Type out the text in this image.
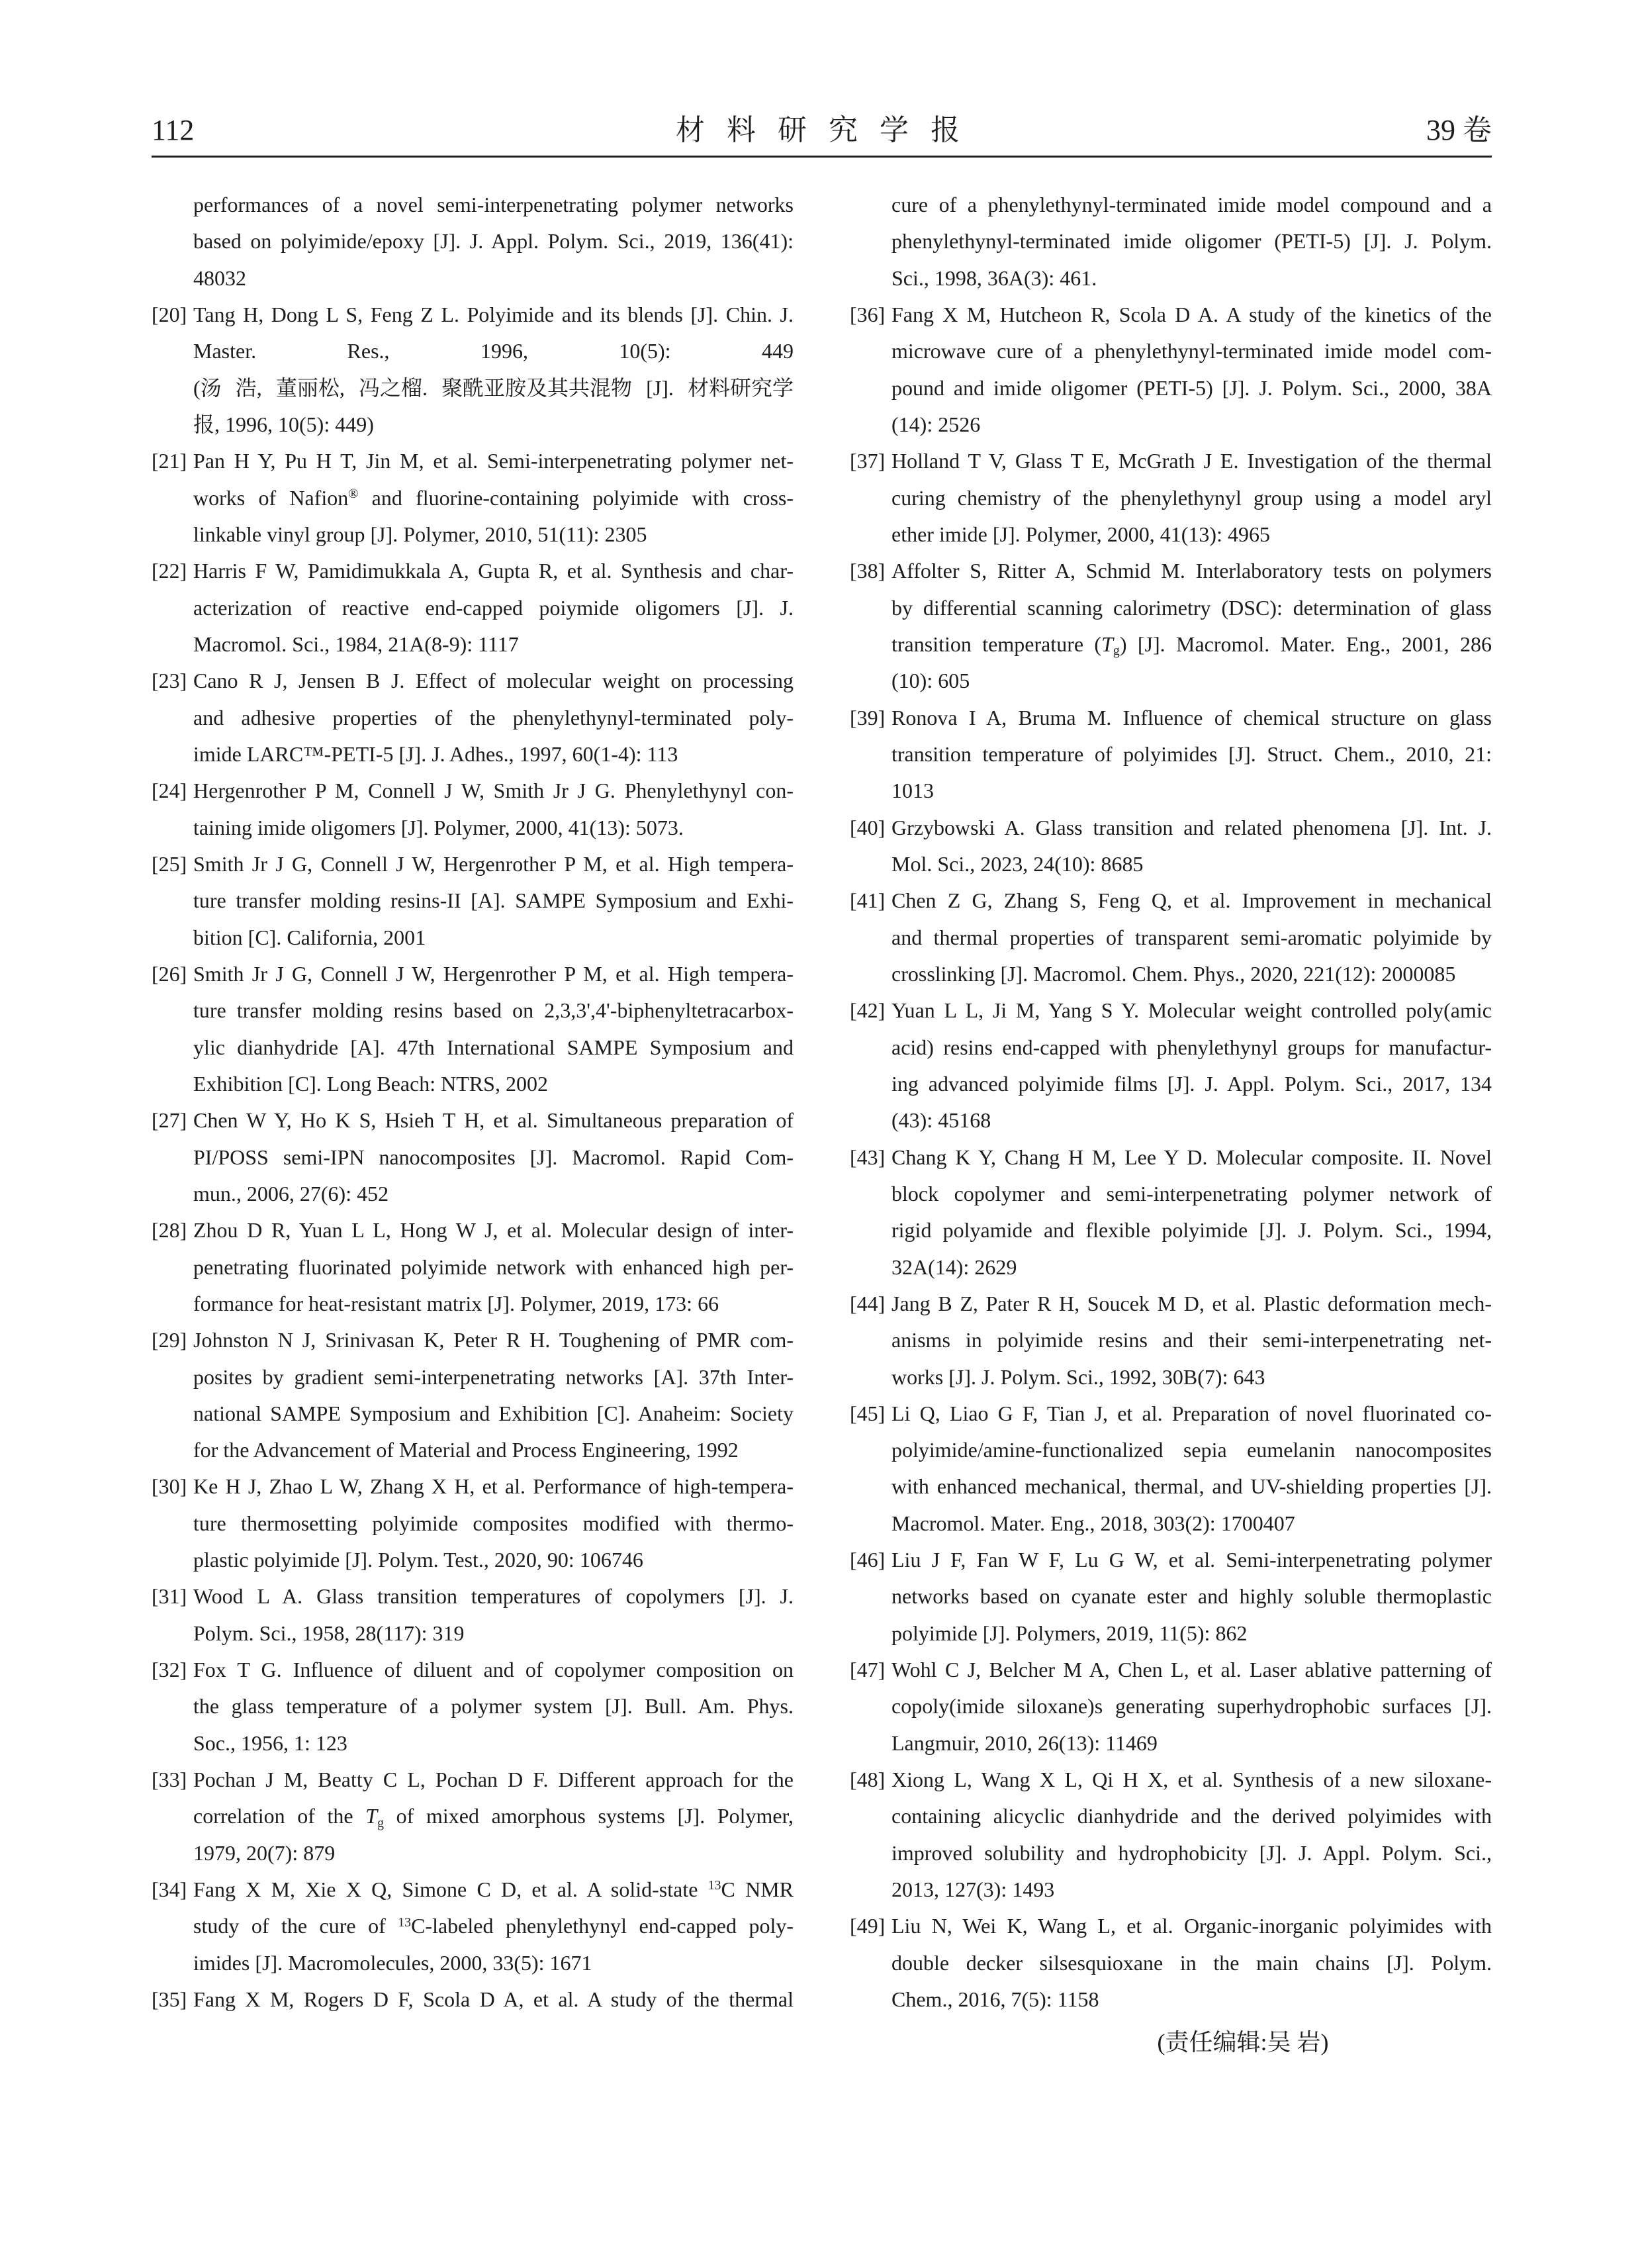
112	材 料 研 究 学 报	39 卷
performances of a novel semi-interpenetrating polymer networks
based on polyimide/epoxy [J]. J. Appl. Polym. Sci., 2019, 136(41):
48032
[20] Tang H, Dong L S, Feng Z L. Polyimide and its blends [J]. Chin. J.
Master. Res., 1996, 10(5): 449
(汤 浩, 董丽松, 冯之榴. 聚酰亚胺及其共混物 [J]. 材料研究学
报, 1996, 10(5): 449)
[21] Pan H Y, Pu H T, Jin M, et al. Semi-interpenetrating polymer net-
works of Nafion® and fluorine-containing polyimide with cross-
linkable vinyl group [J]. Polymer, 2010, 51(11): 2305
[22] Harris F W, Pamidimukkala A, Gupta R, et al. Synthesis and char-
acterization of reactive end-capped poiymide oligomers [J]. J.
Macromol. Sci., 1984, 21A(8-9): 1117
[23] Cano R J, Jensen B J. Effect of molecular weight on processing
and adhesive properties of the phenylethynyl-terminated poly-
imide LARC™-PETI-5 [J]. J. Adhes., 1997, 60(1-4): 113
[24] Hergenrother P M, Connell J W, Smith Jr J G. Phenylethynyl con-
taining imide oligomers [J]. Polymer, 2000, 41(13): 5073.
[25] Smith Jr J G, Connell J W, Hergenrother P M, et al. High tempera-
ture transfer molding resins-II [A]. SAMPE Symposium and Exhi-
bition [C]. California, 2001
[26] Smith Jr J G, Connell J W, Hergenrother P M, et al. High tempera-
ture transfer molding resins based on 2,3,3',4'-biphenyltetracarbox-
ylic dianhydride [A]. 47th International SAMPE Symposium and
Exhibition [C]. Long Beach: NTRS, 2002
[27] Chen W Y, Ho K S, Hsieh T H, et al. Simultaneous preparation of
PI/POSS semi-IPN nanocomposites [J]. Macromol. Rapid Com-
mun., 2006, 27(6): 452
[28] Zhou D R, Yuan L L, Hong W J, et al. Molecular design of inter-
penetrating fluorinated polyimide network with enhanced high per-
formance for heat-resistant matrix [J]. Polymer, 2019, 173: 66
[29] Johnston N J, Srinivasan K, Peter R H. Toughening of PMR com-
posites by gradient semi-interpenetrating networks [A]. 37th Inter-
national SAMPE Symposium and Exhibition [C]. Anaheim: Society
for the Advancement of Material and Process Engineering, 1992
[30] Ke H J, Zhao L W, Zhang X H, et al. Performance of high-tempera-
ture thermosetting polyimide composites modified with thermo-
plastic polyimide [J]. Polym. Test., 2020, 90: 106746
[31] Wood L A. Glass transition temperatures of copolymers [J]. J.
Polym. Sci., 1958, 28(117): 319
[32] Fox T G. Influence of diluent and of copolymer composition on
the glass temperature of a polymer system [J]. Bull. Am. Phys.
Soc., 1956, 1: 123
[33] Pochan J M, Beatty C L, Pochan D F. Different approach for the
correlation of the Tg of mixed amorphous systems [J]. Polymer,
1979, 20(7): 879
[34] Fang X M, Xie X Q, Simone C D, et al. A solid-state $^{13}$C NMR
study of the cure of $^{13}$C-labeled phenylethynyl end-capped poly-
imides [J]. Macromolecules, 2000, 33(5): 1671
[35] Fang X M, Rogers D F, Scola D A, et al. A study of the thermal
cure of a phenylethynyl-terminated imide model compound and a
phenylethynyl-terminated imide oligomer (PETI-5) [J]. J. Polym.
Sci., 1998, 36A(3): 461.
[36] Fang X M, Hutcheon R, Scola D A. A study of the kinetics of the
microwave cure of a phenylethynyl-terminated imide model com-
pound and imide oligomer (PETI-5) [J]. J. Polym. Sci., 2000, 38A
(14): 2526
[37] Holland T V, Glass T E, McGrath J E. Investigation of the thermal
curing chemistry of the phenylethynyl group using a model aryl
ether imide [J]. Polymer, 2000, 41(13): 4965
[38] Affolter S, Ritter A, Schmid M. Interlaboratory tests on polymers
by differential scanning calorimetry (DSC): determination of glass
transition temperature (Tg) [J]. Macromol. Mater. Eng., 2001, 286
(10): 605
[39] Ronova I A, Bruma M. Influence of chemical structure on glass
transition temperature of polyimides [J]. Struct. Chem., 2010, 21:
1013
[40] Grzybowski A. Glass transition and related phenomena [J]. Int. J.
Mol. Sci., 2023, 24(10): 8685
[41] Chen Z G, Zhang S, Feng Q, et al. Improvement in mechanical
and thermal properties of transparent semi-aromatic polyimide by
crosslinking [J]. Macromol. Chem. Phys., 2020, 221(12): 2000085
[42] Yuan L L, Ji M, Yang S Y. Molecular weight controlled poly(amic
acid) resins end-capped with phenylethynyl groups for manufactur-
ing advanced polyimide films [J]. J. Appl. Polym. Sci., 2017, 134
(43): 45168
[43] Chang K Y, Chang H M, Lee Y D. Molecular composite. II. Novel
block copolymer and semi-interpenetrating polymer network of
rigid polyamide and flexible polyimide [J]. J. Polym. Sci., 1994,
32A(14): 2629
[44] Jang B Z, Pater R H, Soucek M D, et al. Plastic deformation mech-
anisms in polyimide resins and their semi-interpenetrating net-
works [J]. J. Polym. Sci., 1992, 30B(7): 643
[45] Li Q, Liao G F, Tian J, et al. Preparation of novel fluorinated co-
polyimide/amine-functionalized sepia eumelanin nanocomposites
with enhanced mechanical, thermal, and UV-shielding properties [J].
Macromol. Mater. Eng., 2018, 303(2): 1700407
[46] Liu J F, Fan W F, Lu G W, et al. Semi-interpenetrating polymer
networks based on cyanate ester and highly soluble thermoplastic
polyimide [J]. Polymers, 2019, 11(5): 862
[47] Wohl C J, Belcher M A, Chen L, et al. Laser ablative patterning of
copoly(imide siloxane)s generating superhydrophobic surfaces [J].
Langmuir, 2010, 26(13): 11469
[48] Xiong L, Wang X L, Qi H X, et al. Synthesis of a new siloxane-
containing alicyclic dianhydride and the derived polyimides with
improved solubility and hydrophobicity [J]. J. Appl. Polym. Sci.,
2013, 127(3): 1493
[49] Liu N, Wei K, Wang L, et al. Organic-inorganic polyimides with
double decker silsesquioxane in the main chains [J]. Polym.
Chem., 2016, 7(5): 1158
(责任编辑:吴 岩)
